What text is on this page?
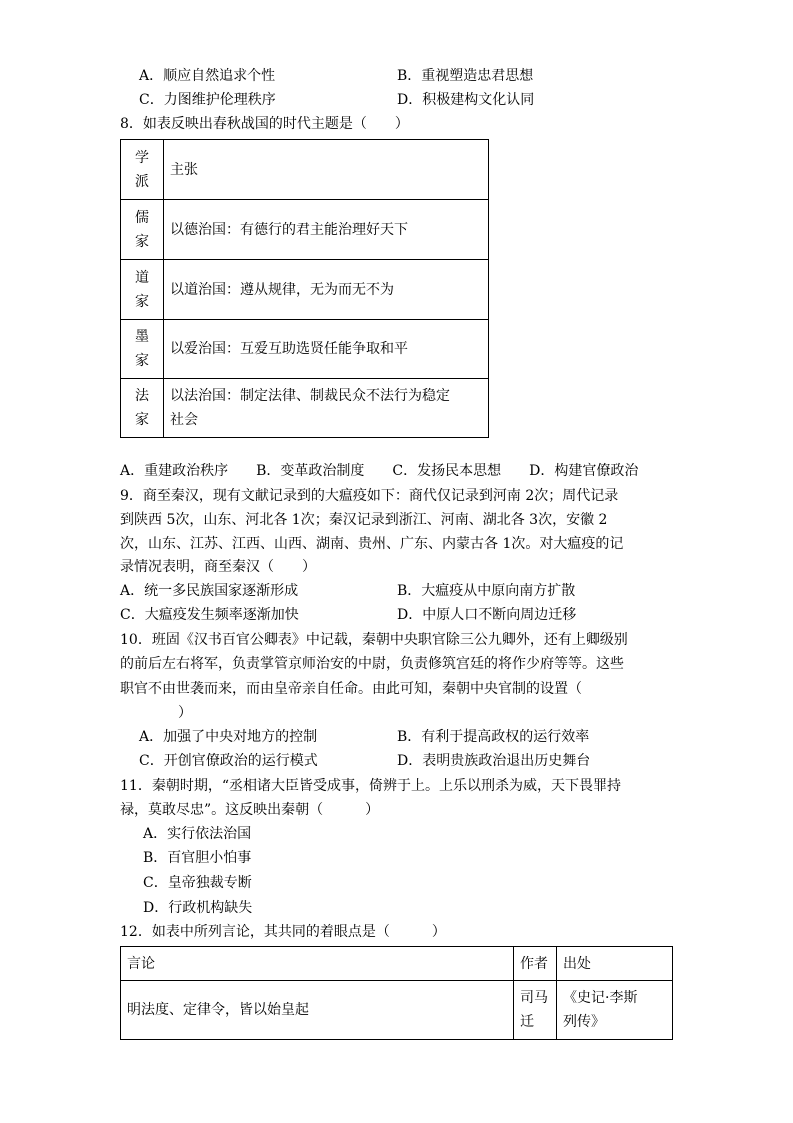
A．顺应自然追求个性	B．重视塑造忠君思想
C．力图维护伦理秩序	D．积极建构文化认同
8．如表反映出春秋战国的时代主题是（　　）
学
派	主张

儒
家	以德治国：有德行的君主能治理好天下

道
家	以道治国：遵从规律，无为而无不为

墨
家	以爱治国：互爱互助选贤任能争取和平

法
家	以法治国：制定法律、制裁民众不法行为稳定
社会
A．重建政治秩序　　B．变革政治制度　　C．发扬民本思想　　D．构建官僚政治
9．商至秦汉，现有文献记录到的大瘟疫如下：商代仅记录到河南 2次；周代记录
到陕西 5次，山东、河北各 1次；秦汉记录到浙江、河南、湖北各 3次，安徽 2
次，山东、江苏、江西、山西、湖南、贵州、广东、内蒙古各 1次。对大瘟疫的记
录情况表明，商至秦汉（　　）
A．统一多民族国家逐渐形成	B．大瘟疫从中原向南方扩散
C．大瘟疫发生频率逐渐加快	D．中原人口不断向周边迁移
10．班固《汉书百官公卿表》中记载，秦朝中央职官除三公九卿外，还有上卿级别
的前后左右将军，负责掌管京师治安的中尉，负责修筑宫廷的将作少府等等。这些
职官不由世袭而来，而由皇帝亲自任命。由此可知，秦朝中央官制的设置（
）
A．加强了中央对地方的控制	B．有利于提高政权的运行效率
C．开创官僚政治的运行模式	D．表明贵族政治退出历史舞台
11．秦朝时期，“丞相诸大臣皆受成事，倚辨于上。上乐以刑杀为威，天下畏罪持
禄，莫敢尽忠”。这反映出秦朝（　　　）
A．实行依法治国
B．百官胆小怕事
C．皇帝独裁专断
D．行政机构缺失
12．如表中所列言论，其共同的着眼点是（　　　）
言论	作者	出处
明法度、定律令，皆以始皇起	司马
迁	《史记·李斯
列传》
